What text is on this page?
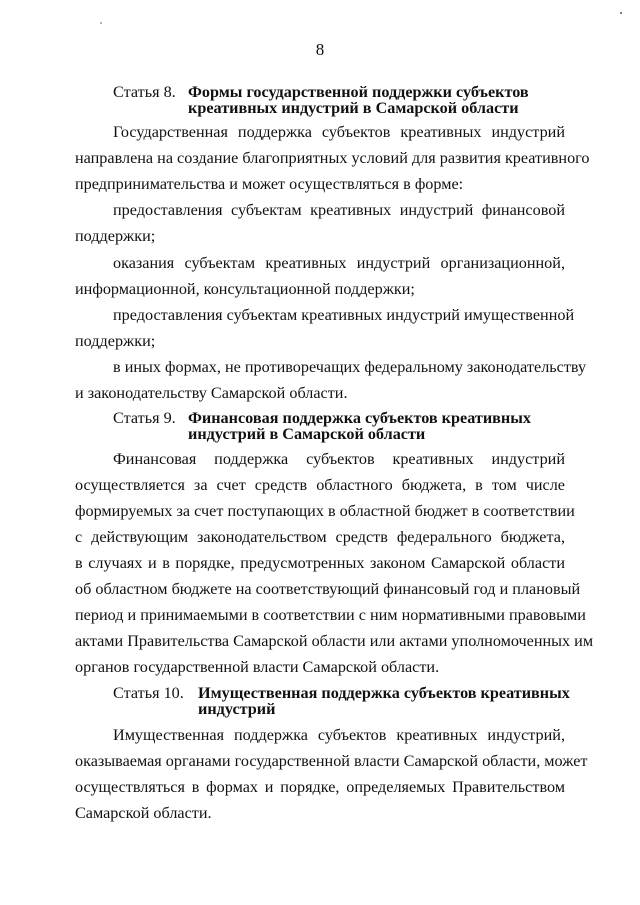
8
Статья 8. Формы государственной поддержки субъектов
креативных индустрий в Самарской области
Государственная поддержка субъектов креативных индустрий
направлена на создание благоприятных условий для развития креативного
предпринимательства и может осуществляться в форме:
предоставления субъектам креативных индустрий финансовой
поддержки;
оказания субъектам креативных индустрий организационной,
информационной, консультационной поддержки;
предоставления субъектам креативных индустрий имущественной
поддержки;
в иных формах, не противоречащих федеральному законодательству
и законодательству Самарской области.
Статья 9. Финансовая поддержка субъектов креативных
индустрий в Самарской области
Финансовая поддержка субъектов креативных индустрий
осуществляется за счет средств областного бюджета, в том числе
формируемых за счет поступающих в областной бюджет в соответствии
с действующим законодательством средств федерального бюджета,
в случаях и в порядке, предусмотренных законом Самарской области
об областном бюджете на соответствующий финансовый год и плановый
период и принимаемыми в соответствии с ним нормативными правовыми
актами Правительства Самарской области или актами уполномоченных им
органов государственной власти Самарской области.
Статья 10. Имущественная поддержка субъектов креативных
индустрий
Имущественная поддержка субъектов креативных индустрий,
оказываемая органами государственной власти Самарской области, может
осуществляться в формах и порядке, определяемых Правительством
Самарской области.
